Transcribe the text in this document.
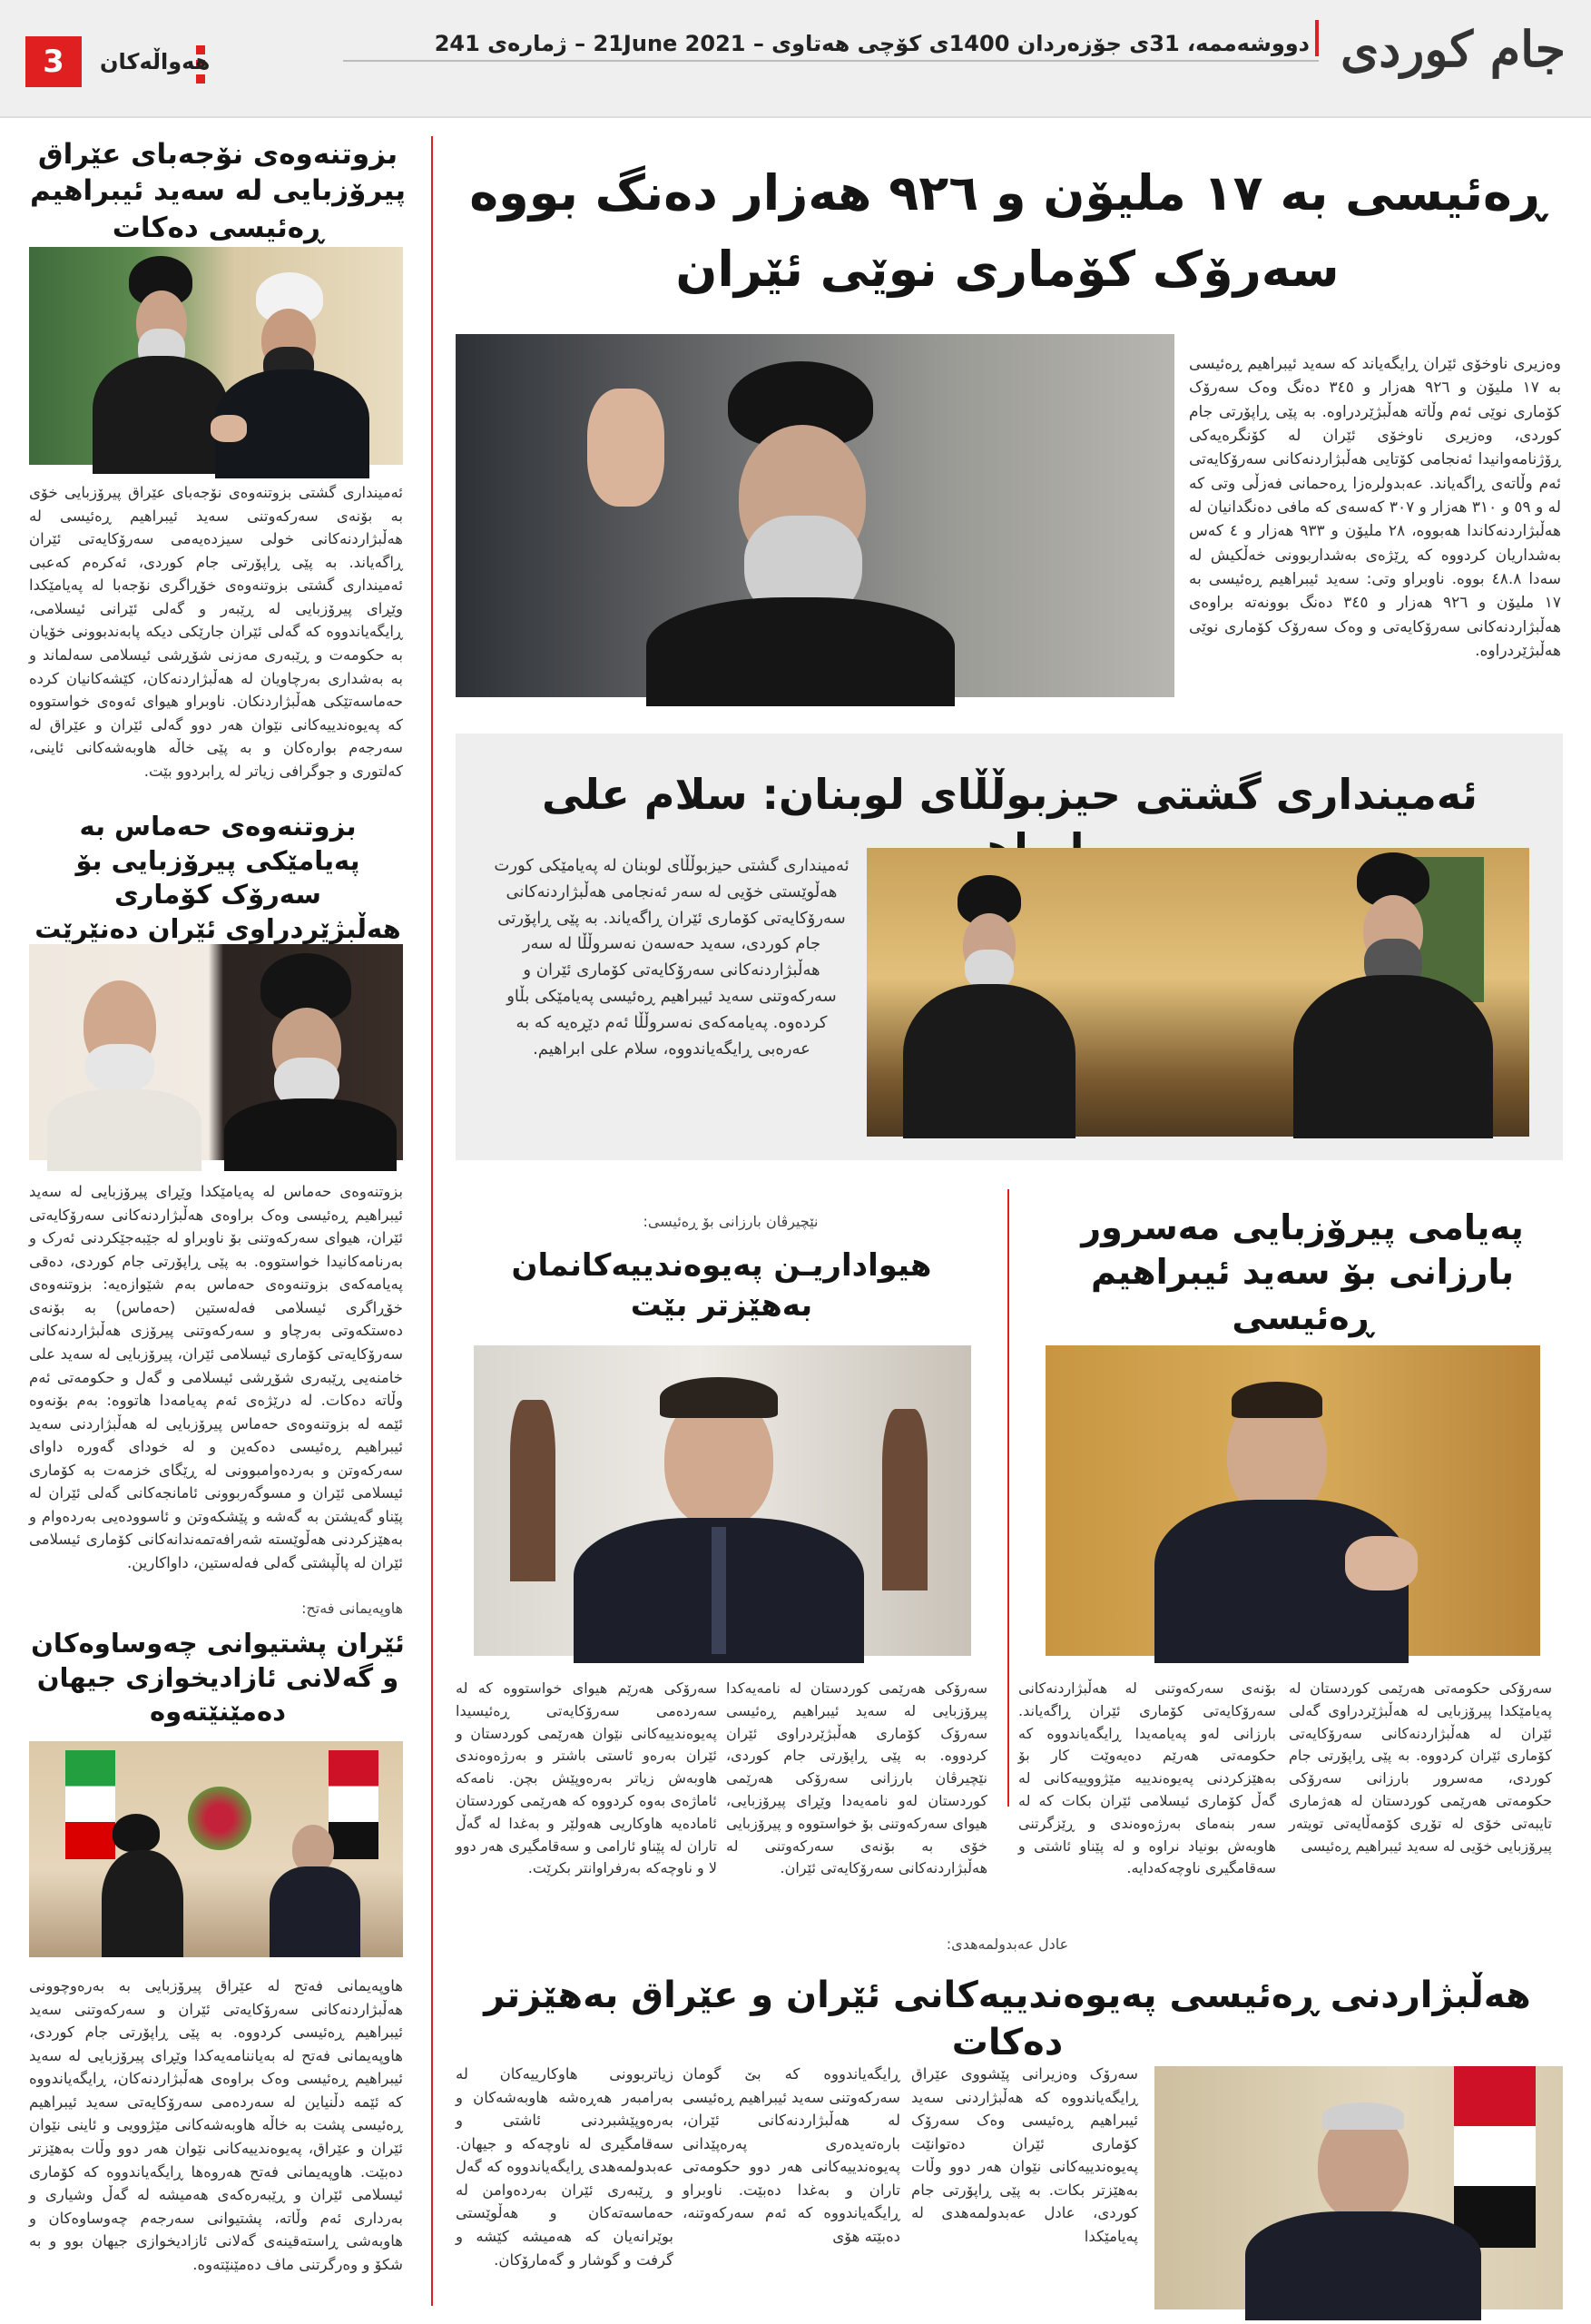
جام کوردی
دووشەممە، 31ی جۆزەردان 1400ی کۆچی هەتاوی – 21June 2021 – ژمارەی 241
هەواڵەکان
3
بزوتنەوەی نۆجەبای عێراق پیرۆزبایی لە سەید ئیبراهیم ڕەئیسی دەکات
ئەمینداری گشتی بزوتنەوەی نۆجەبای عێراق پیرۆزبایی خۆی بە بۆنەی سەرکەوتنی سەید ئیبراهیم ڕەئیسی لە هەڵبژاردنەکانی خولی سیزدەیەمی سەرۆکایەتی ئێران ڕاگەیاند. بە پێی ڕاپۆرتی جام کوردی، ئەکرەم کەعبی ئەمینداری گشتی بزوتنەوەی خۆڕاگری نۆجەبا لە پەیامێکدا وێڕای پیرۆزبایی لە ڕێبەر و گەلی ئێرانی ئیسلامی، ڕایگەیاندووە کە گەلی ئێران جارێکی دیکە پابەندبوونی خۆیان بە حکومەت و ڕێبەری مەزنی شۆڕشی ئیسلامی سەلماند و بە بەشداری بەرچاویان لە هەڵبژاردنەکان، کێشەکانیان کردە حەماسەتێکی هەڵبژاردنکان. ناوبراو هیوای ئەوەی خواستووە کە پەیوەندییەکانی نێوان هەر دوو گەلی ئێران و عێراق لە سەرجەم بوارەکان و بە پێی خاڵە هاوبەشەکانی ئاینی، کەلتوری و جوگرافی زیاتر لە ڕابردوو بێت.
بزوتنەوەی حەماس بە پەیامێکی پیرۆزبایی بۆ سەرۆک کۆماری هەڵبژێردراوی ئێران دەنێرێت
بزوتنەوەی حەماس لە پەیامێکدا وێڕای پیرۆزبایی لە سەید ئیبراهیم ڕەئیسی وەک براوەی هەڵبژاردنەکانی سەرۆکایەتی ئێران، هیوای سەرکەوتنی بۆ ناوبراو لە جێبەجێکردنی ئەرک و بەرنامەکانیدا خواستووە. بە پێی ڕاپۆرتی جام کوردی، دەقی پەیامەکەی بزوتنەوەی حەماس بەم شێوازەیە: بزوتنەوەی خۆڕاگری ئیسلامی فەلەستین (حەماس) بە بۆنەی دەستکەوتی بەرچاو و سەرکەوتنی پیرۆزی هەڵبژاردنەکانی سەرۆکایەتی کۆماری ئیسلامی ئێران، پیرۆزبایی لە سەید علی خامنەیی ڕێبەری شۆڕشی ئیسلامی و گەل و حکومەتی ئەم وڵاتە دەکات. لە درێژەی ئەم پەیامەدا هاتووە: بەم بۆنەوە ئێمە لە بزوتنەوەی حەماس پیرۆزبایی لە هەڵبژاردنی سەید ئیبراهیم ڕەئیسی دەکەین و لە خودای گەورە داوای سەرکەوتن و بەردەوامبوونی لە ڕێگای خزمەت بە کۆماری ئیسلامی ئێران و مسوگەربوونی ئامانجەکانی گەلی ئێران لە پێناو گەیشتن بە گەشە و پێشکەوتن و ئاسوودەیی بەردەوام و بەهێزکردنی هەڵوێستە شەرافەتمەندانەکانی کۆماری ئیسلامی ئێران لە پاڵپشتی گەلی فەلەستین، داواکارین.
هاوپەیمانی فەتح:
ئێران پشتیوانی چەوساوەکان و گەلانی ئازادیخوازی جیهان دەمێنێتەوە
هاوپەیمانی فەتح لە عێراق پیرۆزبایی بە بەرەوچوونی هەڵبژاردنەکانی سەرۆکایەتی ئێران و سەرکەوتنی سەید ئیبراهیم ڕەئیسی کردووە. بە پێی ڕاپۆرتی جام کوردی، هاوپەیمانی فەتح لە بەیاننامەیەکدا وێڕای پیرۆزبایی لە سەید ئیبراهیم ڕەئیسی وەک براوەی هەڵبژاردنەکان، ڕایگەیاندووە کە ئێمە دڵنیاین لە سەردەمی سەرۆکایەتی سەید ئیبراهیم ڕەئیسی پشت بە خاڵە هاوبەشەکانی مێژوویی و ئاینی نێوان ئێران و عێراق، پەیوەندییەکانی نێوان هەر دوو وڵات بەهێزتر دەبێت. هاوپەیمانی فەتح هەروەها ڕایگەیاندووە کە کۆماری ئیسلامی ئێران و ڕێبەرەکەی هەمیشە لە گەڵ وشیاری و بەرداری ئەم وڵاتە، پشتیوانی سەرجەم چەوساوەکان و هاوبەشی ڕاستەقینەی گەلانی ئازادیخوازی جیهان بوو و بە شکۆ و وەرگرتنی ماف دەمێنێتەوە.
ڕەئیسی بە ١٧ ملیۆن و ٩٢٦ هەزار دەنگ بووە
سەرۆک کۆماری نوێی ئێران
وەزیری ناوخۆی ئێران ڕایگەیاند کە سەید ئیبراهیم ڕەئیسی بە ١٧ ملیۆن و ٩٢٦ هەزار و ٣٤٥ دەنگ وەک سەرۆک کۆماری نوێی ئەم وڵاتە هەڵبژێردراوە. بە پێی ڕاپۆرتی جام کوردی، وەزیری ناوخۆی ئێران لە کۆنگرەیەکی ڕۆژنامەوانیدا ئەنجامی کۆتایی هەڵبژاردنەکانی سەرۆکایەتی ئەم وڵاتەی ڕاگەیاند. عەبدولرەزا ڕەحمانی فەزڵی وتی کە لە و ٥٩ و ٣١٠ هەزار و ٣٠٧ کەسەی کە مافی دەنگدانیان لە هەڵبژاردنەکاندا هەبووە، ٢٨ ملیۆن و ٩٣٣ هەزار و ٤ کەس بەشداریان کردووە کە ڕێژەی بەشداربوونی خەڵکیش لە سەدا ٤٨.٨ بووە. ناوبراو وتی: سەید ئیبراهیم ڕەئیسی بە ١٧ ملیۆن و ٩٢٦ هەزار و ٣٤٥ دەنگ بوونەتە براوەی هەڵبژاردنەکانی سەرۆکایەتی و وەک سەرۆک کۆماری نوێی هەڵبژێردراوە.
ئەمینداری گشتی حیزبوڵڵای لوبنان: سلام علی
ئەمینداری گشتی حیزبوڵڵای لوبنان لە پەیامێکی کورت هەڵوێستی خۆیی لە سەر ئەنجامی هەڵبژاردنەکانی سەرۆکایەتی کۆماری ئێران ڕاگەیاند. بە پێی ڕاپۆرتی جام کوردی، سەید حەسەن نەسروڵڵا لە سەر هەڵبژاردنەکانی سەرۆکایەتی کۆماری ئێران و سەرکەوتنی سەید ئیبراهیم ڕەئیسی پەیامێکی بڵاو کردەوە. پەیامەکەی نەسروڵڵا ئەم دێڕەیە کە بە عەرەبی ڕایگەیاندووە، سلام علی ابراهیم.
پەیامی پیرۆزبایی مەسرور بارزانی بۆ سەید ئیبراهیم ڕەئیسی
بۆنەی سەرکەوتنی لە هەڵبژاردنەکانی سەرۆکایەتی کۆماری ئێران ڕاگەیاند. بارزانی لەو پەیامەیدا ڕایگەیاندووە کە حکومەتی هەرێم دەیەوێت کار بۆ بەهێزکردنی پەیوەندییە مێژووییەکانی لە گەڵ کۆماری ئیسلامی ئێران بکات کە لە سەر بنەمای بەرژەوەندی و ڕێزگرتنی هاوبەش بونیاد نراوە و لە پێناو ئاشتی و سەقامگیری ناوچەکەدایە.
سەرۆکی حکومەتی هەرێمی کوردستان لە پەیامێکدا پیرۆزبایی لە هەڵبژێردراوی گەلی ئێران لە هەڵبژاردنەکانی سەرۆکایەتی کۆماری ئێران کردووە. بە پێی ڕاپۆرتی جام کوردی، مەسرور بارزانی سەرۆکی حکومەتی هەرێمی کوردستان لە هەژماری تایبەتی خۆی لە تۆڕی کۆمەڵایەتی تویتەر پیرۆزبایی خۆیی لە سەید ئیبراهیم ڕەئیسی
نێچیرڤان بارزانی بۆ ڕەئیسی:
هیواداریـن پەیوەندییەکانمان بەهێزتر بێت
سەرۆکی هەرێمی کوردستان لە نامەیەکدا پیرۆزبایی لە سەید ئیبراهیم ڕەئیسی سەرۆک کۆماری هەڵبژێردراوی ئێران کردووە. بە پێی ڕاپۆرتی جام کوردی، نێچیرڤان بارزانی سەرۆکی هەرێمی کوردستان لەو نامەیەدا وێڕای پیرۆزبایی، هیوای سەرکەوتنی بۆ خواستووە و پیرۆزبایی خۆی بە بۆنەی سەرکەوتنی لە هەڵبژاردنەکانی سەرۆکایەتی ئێران.
سەرۆکی هەرێم هیوای خواستووە کە لە سەردەمی سەرۆکایەتی ڕەئیسیدا پەیوەندییەکانی نێوان هەرێمی کوردستان و ئێران بەرەو ئاستی باشتر و بەرژەوەندی هاوبەش زیاتر بەرەوپێش بچن. نامەکە ئاماژەی بەوە کردووە کە هەرێمی کوردستان ئامادەیە هاوکاریی هەولێر و بەغدا لە گەڵ تاران لە پێناو ئارامی و سەقامگیری هەر دوو لا و ناوچەکە بەرفراوانتر بکرێت.
عادل عەبدولمەهدی:
هەڵبژاردنی ڕەئیسی پەیوەندییەکانی ئێران و عێراق بەهێزتر دەکات
سەرۆک وەزیرانی پێشووی عێراق ڕایگەیاندووە کە هەڵبژاردنی سەید ئیبراهیم ڕەئیسی وەک سەرۆک کۆماری ئێران دەتوانێت پەیوەندییەکانی نێوان هەر دوو وڵات بەهێزتر بکات. بە پێی ڕاپۆرتی جام کوردی، عادل عەبدولمەهدی لە پەیامێکدا
ڕایگەیاندووە کە بێ گومان سەرکەوتنی سەید ئیبراهیم ڕەئیسی لە هەڵبژاردنەکانی ئێران، بارەتەیدەری پەرەپێدانی پەیوەندییەکانی هەر دوو حکومەتی تاران و بەغدا دەبێت. ناوبراو ڕایگەیاندووە کە ئەم سەرکەوتنە، دەبێتە هۆی
زیاتربوونی هاوکارییەکان لە بەرامبەر هەڕەشە هاوبەشەکان و بەرەوپێشبردنی ئاشتی و سەقامگیری لە ناوچەکە و جیهان. عەبدولمەهدی ڕایگەیاندووە کە گەل و ڕێبەری ئێران بەردەوامن لە حەماسەتەکان و هەڵوێستی بوێرانەیان کە هەمیشە کێشە و گرفت و گوشار و گەمارۆکان.
